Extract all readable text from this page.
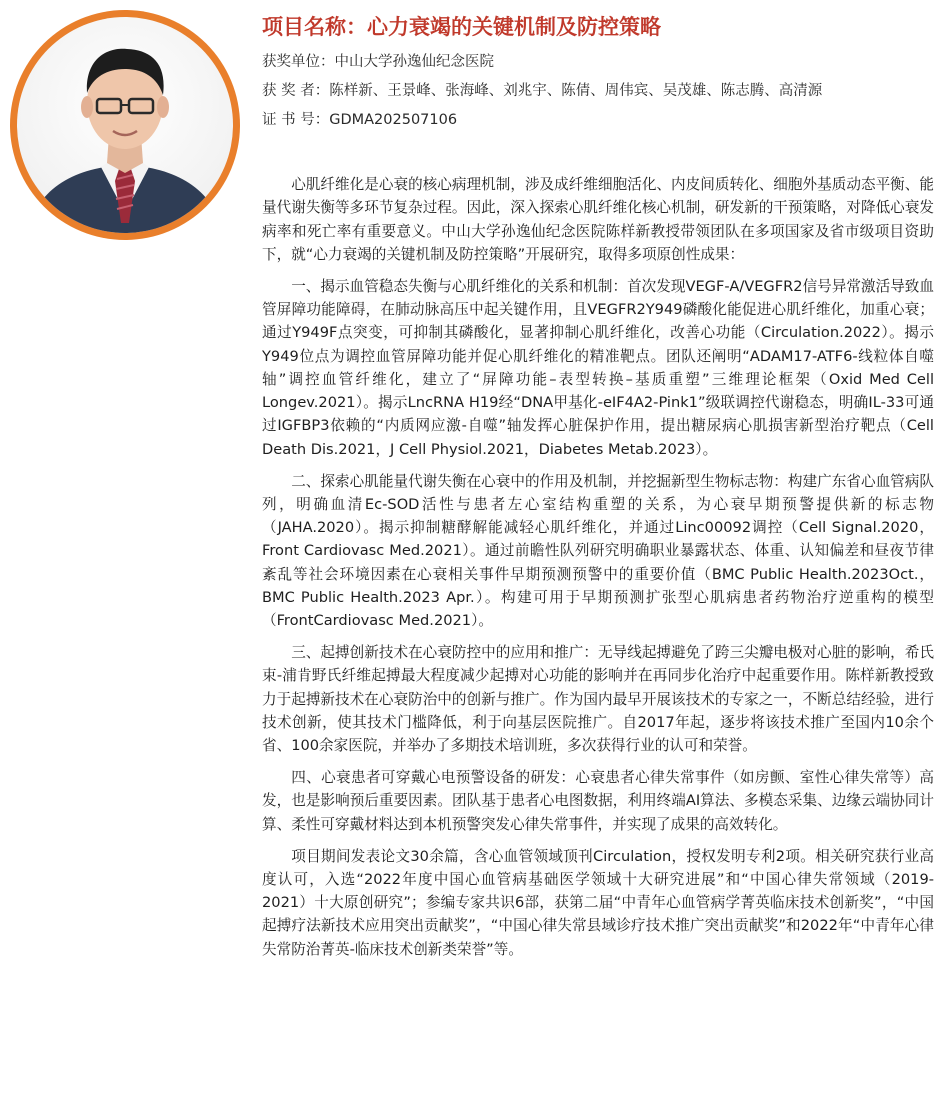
项目名称：心力衰竭的关键机制及防控策略
获奖单位：中山大学孙逸仙纪念医院
获 奖 者：陈样新、王景峰、张海峰、刘兆宇、陈倩、周伟宾、吴茂雄、陈志腾、高清源
证 书 号：GDMA202507106

心肌纤维化是心衰的核心病理机制，涉及成纤维细胞活化、内皮间质转化、细胞外基质动态平衡、能量代谢失衡等多环节复杂过程。因此，深入探索心肌纤维化核心机制，研发新的干预策略，对降低心衰发病率和死亡率有重要意义。中山大学孙逸仙纪念医院陈样新教授带领团队在多项国家及省市级项目资助下，就“心力衰竭的关键机制及防控策略”开展研究，取得多项原创性成果：

一、揭示血管稳态失衡与心肌纤维化的关系和机制：首次发现VEGF-A/VEGFR2信号异常激活导致血管屏障功能障碍，在肺动脉高压中起关键作用，且VEGFR2Y949磷酸化能促进心肌纤维化，加重心衰；通过Y949F点突变，可抑制其磷酸化，显著抑制心肌纤维化，改善心功能（Circulation.2022）。揭示Y949位点为调控血管屏障功能并促心肌纤维化的精准靶点。团队还阐明“ADAM17-ATF6-线粒体自噬轴”调控血管纤维化，建立了“屏障功能–表型转换–基质重塑”三维理论框架（Oxid Med Cell Longev.2021）。揭示LncRNA H19经“DNA甲基化-eIF4A2-Pink1”级联调控代谢稳态，明确IL-33可通过IGFBP3依赖的“内质网应激-自噬”轴发挥心脏保护作用，提出糖尿病心肌损害新型治疗靶点（Cell Death Dis.2021，J Cell Physiol.2021，Diabetes Metab.2023）。

二、探索心肌能量代谢失衡在心衰中的作用及机制，并挖掘新型生物标志物：构建广东省心血管病队列，明确血清Ec-SOD活性与患者左心室结构重塑的关系，为心衰早期预警提供新的标志物（JAHA.2020）。揭示抑制糖酵解能减轻心肌纤维化，并通过Linc00092调控（Cell Signal.2020，Front Cardiovasc Med.2021）。通过前瞻性队列研究明确职业暴露状态、体重、认知偏差和昼夜节律紊乱等社会环境因素在心衰相关事件早期预测预警中的重要价值（BMC Public Health.2023Oct.，BMC Public Health.2023 Apr.）。构建可用于早期预测扩张型心肌病患者药物治疗逆重构的模型（FrontCardiovasc Med.2021）。

三、起搏创新技术在心衰防控中的应用和推广：无导线起搏避免了跨三尖瓣电极对心脏的影响，希氏束-浦肯野氏纤维起搏最大程度减少起搏对心功能的影响并在再同步化治疗中起重要作用。陈样新教授致力于起搏新技术在心衰防治中的创新与推广。作为国内最早开展该技术的专家之一，不断总结经验，进行技术创新，使其技术门槛降低，利于向基层医院推广。自2017年起，逐步将该技术推广至国内10余个省、100余家医院，并举办了多期技术培训班，多次获得行业的认可和荣誉。

四、心衰患者可穿戴心电预警设备的研发：心衰患者心律失常事件（如房颤、室性心律失常等）高发，也是影响预后重要因素。团队基于患者心电图数据，利用终端AI算法、多模态采集、边缘云端协同计算、柔性可穿戴材料达到本机预警突发心律失常事件，并实现了成果的高效转化。

项目期间发表论文30余篇，含心血管领域顶刊Circulation，授权发明专利2项。相关研究获行业高度认可，入选“2022年度中国心血管病基础医学领域十大研究进展”和“中国心律失常领域（2019-2021）十大原创研究”；参编专家共识6部，获第二届“中青年心血管病学菁英临床技术创新奖”，“中国起搏疗法新技术应用突出贡献奖”，“中国心律失常县域诊疗技术推广突出贡献奖”和2022年“中青年心律失常防治菁英-临床技术创新类荣誉”等。
